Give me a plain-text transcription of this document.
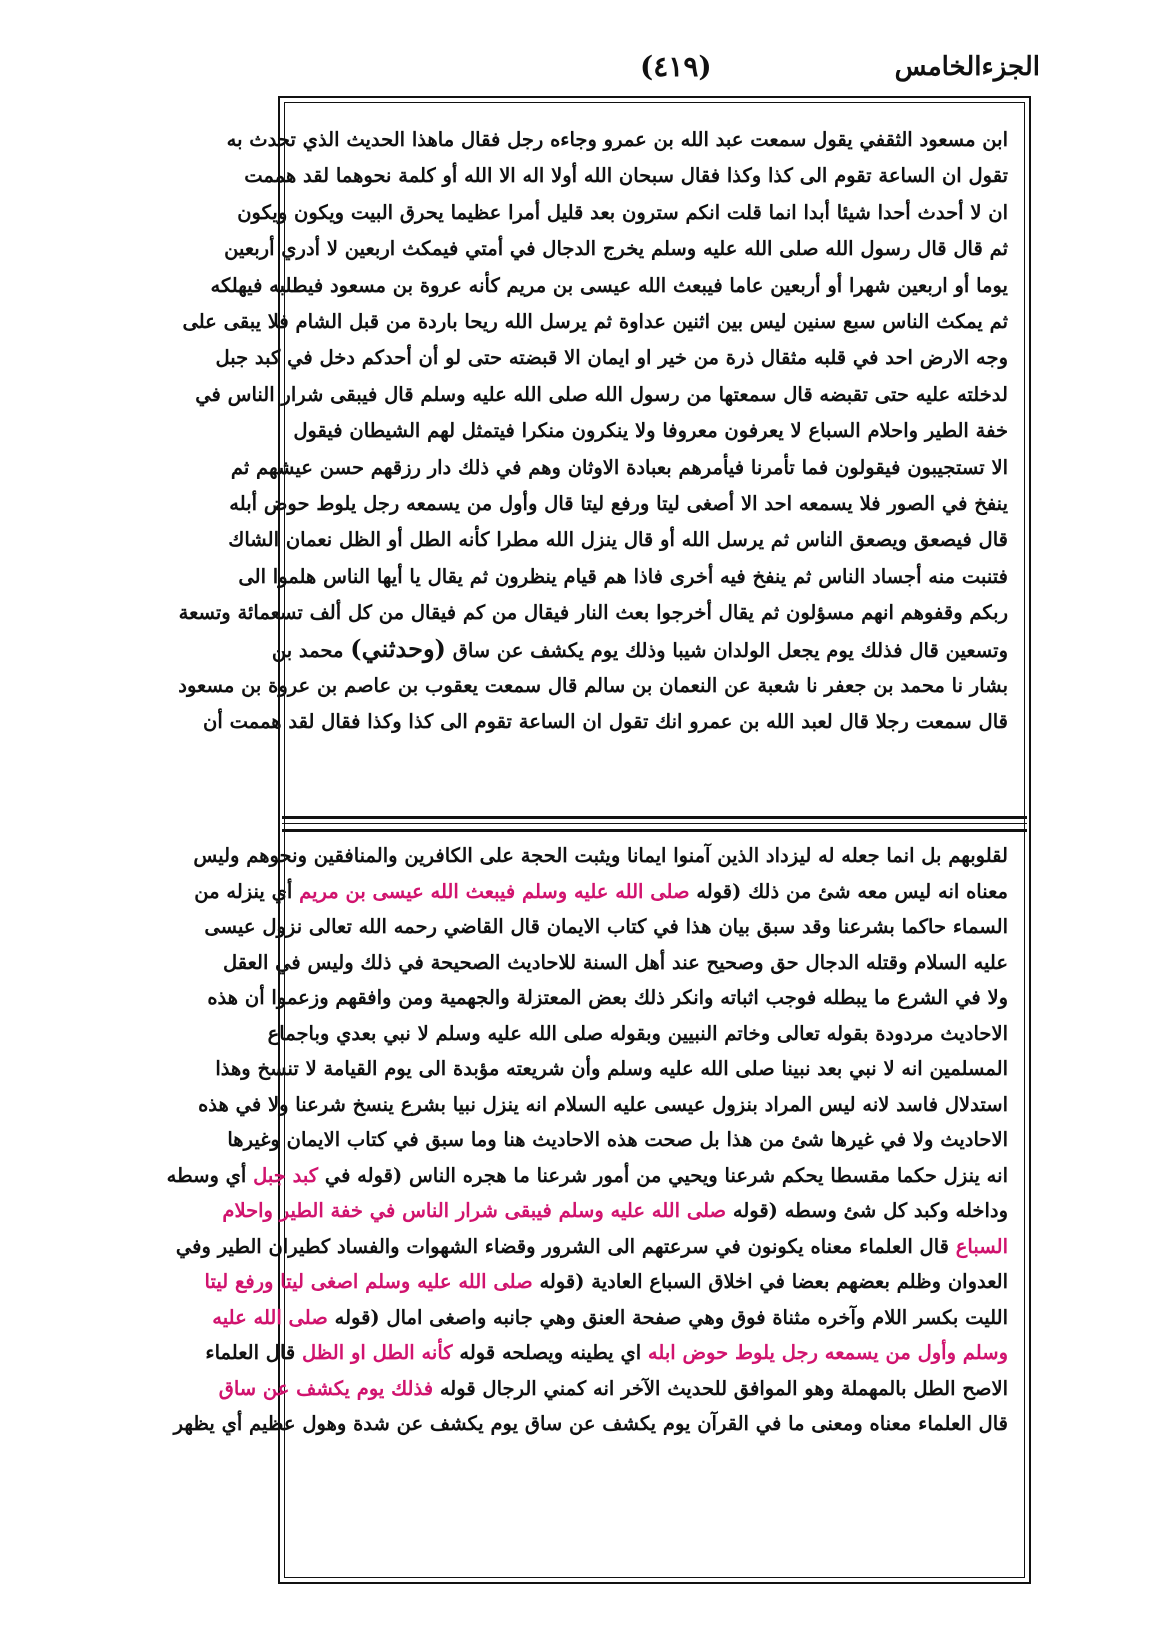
الجزءالخامس
(٤١٩)
ابن مسعود الثقفي يقول سمعت عبد الله بن عمرو وجاءه رجل فقال ماهذا الحديث الذي تحدث به
تقول ان الساعة تقوم الى كذا وكذا فقال سبحان الله أولا اله الا الله أو كلمة نحوهما لقد هممت
ان لا أحدث أحدا شيئا أبدا انما قلت انكم سترون بعد قليل أمرا عظيما يحرق البيت ويكون ويكون
ثم قال قال رسول الله صلى الله عليه وسلم يخرج الدجال في أمتي فيمكث اربعين لا أدري أربعين
يوما أو اربعين شهرا أو أربعين عاما فيبعث الله عيسى بن مريم كأنه عروة بن مسعود فيطلبه فيهلكه
ثم يمكث الناس سبع سنين ليس بين اثنين عداوة ثم يرسل الله ريحا باردة من قبل الشام فلا يبقى على
وجه الارض احد في قلبه مثقال ذرة من خير او ايمان الا قبضته حتى لو أن أحدكم دخل في كبد جبل
لدخلته عليه حتى تقبضه قال سمعتها من رسول الله صلى الله عليه وسلم قال فيبقى شرار الناس في
خفة الطير واحلام السباع لا يعرفون معروفا ولا ينكرون منكرا فيتمثل لهم الشيطان فيقول
الا تستجيبون فيقولون فما تأمرنا فيأمرهم بعبادة الاوثان وهم في ذلك دار رزقهم حسن عيشهم ثم
ينفخ في الصور فلا يسمعه احد الا أصغى ليتا ورفع ليتا قال وأول من يسمعه رجل يلوط حوض أبله
قال فيصعق ويصعق الناس ثم يرسل الله أو قال ينزل الله مطرا كأنه الطل أو الظل نعمان الشاك
فتنبت منه أجساد الناس ثم ينفخ فيه أخرى فاذا هم قيام ينظرون ثم يقال يا أيها الناس هلموا الى
ربكم وقفوهم انهم مسؤلون ثم يقال أخرجوا بعث النار فيقال من كم فيقال من كل ألف تسعمائة وتسعة
وتسعين قال فذلك يوم يجعل الولدان شيبا وذلك يوم يكشف عن ساق (وحدثني) محمد بن
بشار نا محمد بن جعفر نا شعبة عن النعمان بن سالم قال سمعت يعقوب بن عاصم بن عروة بن مسعود
قال سمعت رجلا قال لعبد الله بن عمرو انك تقول ان الساعة تقوم الى كذا وكذا فقال لقد هممت أن
لقلوبهم بل انما جعله له ليزداد الذين آمنوا ايمانا ويثبت الحجة على الكافرين والمنافقين ونحوهم وليس
معناه انه ليس معه شئ من ذلك (قوله صلى الله عليه وسلم فيبعث الله عيسى بن مريم أي ينزله من
السماء حاكما بشرعنا وقد سبق بيان هذا في كتاب الايمان قال القاضي رحمه الله تعالى نزول عيسى
عليه السلام وقتله الدجال حق وصحيح عند أهل السنة للاحاديث الصحيحة في ذلك وليس في العقل
ولا في الشرع ما يبطله فوجب اثباته وانكر ذلك بعض المعتزلة والجهمية ومن وافقهم وزعموا أن هذه
الاحاديث مردودة بقوله تعالى وخاتم النبيين وبقوله صلى الله عليه وسلم لا نبي بعدي وباجماع
المسلمين انه لا نبي بعد نبينا صلى الله عليه وسلم وأن شريعته مؤبدة الى يوم القيامة لا تنسخ وهذا
استدلال فاسد لانه ليس المراد بنزول عيسى عليه السلام انه ينزل نبيا بشرع ينسخ شرعنا ولا في هذه
الاحاديث ولا في غيرها شئ من هذا بل صحت هذه الاحاديث هنا وما سبق في كتاب الايمان وغيرها
انه ينزل حكما مقسطا يحكم شرعنا ويحيي من أمور شرعنا ما هجره الناس (قوله في كبد جبل أي وسطه
وداخله وكبد كل شئ وسطه (قوله صلى الله عليه وسلم فيبقى شرار الناس في خفة الطير واحلام
السباع قال العلماء معناه يكونون في سرعتهم الى الشرور وقضاء الشهوات والفساد كطيران الطير وفي
العدوان وظلم بعضهم بعضا في اخلاق السباع العادية (قوله صلى الله عليه وسلم اصغى ليتا ورفع ليتا
الليت بكسر اللام وآخره مثناة فوق وهي صفحة العنق وهي جانبه واصغى امال (قوله صلى الله عليه
وسلم وأول من يسمعه رجل يلوط حوض ابله اي يطينه ويصلحه قوله كأنه الطل او الظل قال العلماء
الاصح الطل بالمهملة وهو الموافق للحديث الآخر انه كمني الرجال قوله فذلك يوم يكشف عن ساق
قال العلماء معناه ومعنى ما في القرآن يوم يكشف عن ساق يوم يكشف عن شدة وهول عظيم أي يظهر
